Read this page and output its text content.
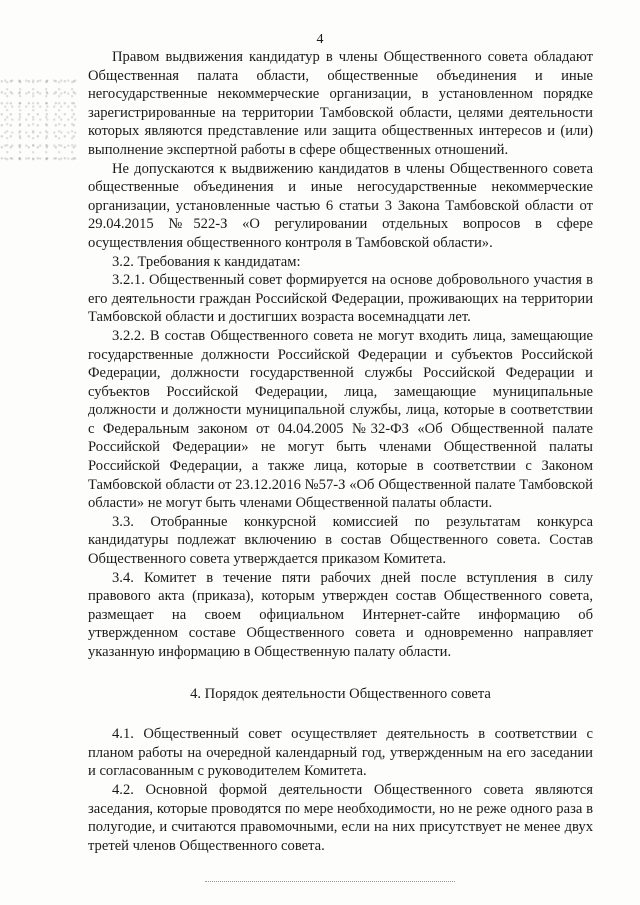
4

Правом выдвижения кандидатур в члены Общественного совета обладают Общественная палата области, общественные объединения и иные негосударственные некоммерческие организации, в установленном порядке зарегистрированные на территории Тамбовской области, целями деятельности которых являются представление или защита общественных интересов и (или) выполнение экспертной работы в сфере общественных отношений.

Не допускаются к выдвижению кандидатов в члены Общественного совета общественные объединения и иные негосударственные некоммерческие организации, установленные частью 6 статьи 3 Закона Тамбовской области от 29.04.2015 №522-З «О регулировании отдельных вопросов в сфере осуществления общественного контроля в Тамбовской области».

3.2. Требования к кандидатам:

3.2.1. Общественный совет формируется на основе добровольного участия в его деятельности граждан Российской Федерации, проживающих на территории Тамбовской области и достигших возраста восемнадцати лет.

3.2.2. В состав Общественного совета не могут входить лица, замещающие государственные должности Российской Федерации и субъектов Российской Федерации, должности государственной службы Российской Федерации и субъектов Российской Федерации, лица, замещающие муниципальные должности и должности муниципальной службы, лица, которые в соответствии с Федеральным законом от 04.04.2005 №32-ФЗ «Об Общественной палате Российской Федерации» не могут быть членами Общественной палаты Российской Федерации, а также лица, которые в соответствии с Законом Тамбовской области от 23.12.2016 №57-З «Об Общественной палате Тамбовской области» не могут быть членами Общественной палаты области.

3.3. Отобранные конкурсной комиссией по результатам конкурса кандидатуры подлежат включению в состав Общественного совета. Состав Общественного совета утверждается приказом Комитета.

3.4. Комитет в течение пяти рабочих дней после вступления в силу правового акта (приказа), которым утвержден состав Общественного совета, размещает на своем официальном Интернет-сайте информацию об утвержденном составе Общественного совета и одновременно направляет указанную информацию в Общественную палату области.

4. Порядок деятельности Общественного совета

4.1. Общественный совет осуществляет деятельность в соответствии с планом работы на очередной календарный год, утвержденным на его заседании и согласованным с руководителем Комитета.

4.2. Основной формой деятельности Общественного совета являются заседания, которые проводятся по мере необходимости, но не реже одного раза в полугодие, и считаются правомочными, если на них присутствует не менее двух третей членов Общественного совета.
